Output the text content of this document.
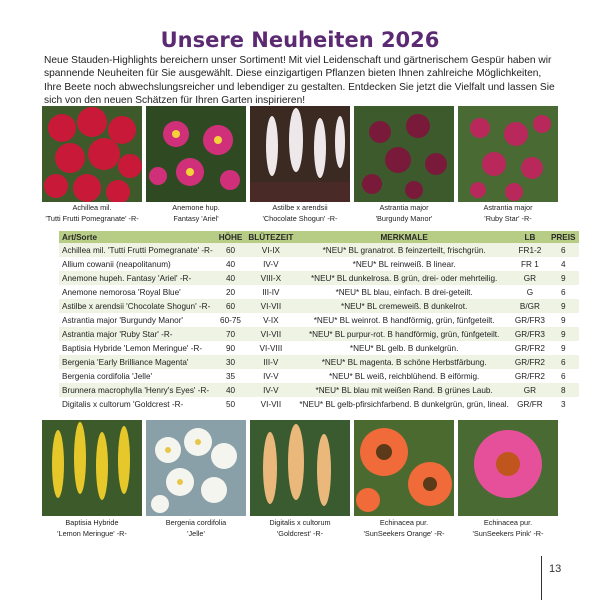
Unsere Neuheiten 2026
Neue Stauden-Highlights bereichern unser Sortiment! Mit viel Leidenschaft und gärtnerischem Gespür haben wir spannende Neuheiten für Sie ausgewählt. Diese einzigartigen Pflanzen bieten Ihnen zahlreiche Möglichkeiten, Ihre Beete noch abwechslungsreicher und lebendiger zu gestalten. Entdecken Sie jetzt die Vielfalt und lassen Sie sich von den neuen Schätzen für Ihren Garten inspirieren!
Achillea mil.
'Tutti Frutti Pomegranate' -R-
Anemone hup.
Fantasy 'Ariel'
Astilbe x arendsii
'Chocolate Shogun' -R-
Astrantia major
'Burgundy Manor'
Astrantia major
'Ruby Star' -R-
Art/Sorte	HÖHE	BLÜTEZEIT	MERKMALE	LB	PREIS
Achillea mil. 'Tutti Frutti Pomegranate' -R-	60	VI-IX	*NEU* BL granatrot. B feinzerteilt, frischgrün.	FR1-2	6
Allium cowanii (neapolitanum)	40	IV-V	*NEU* BL reinweiß. B linear.	FR 1	4
Anemone hupeh. Fantasy 'Ariel' -R-	40	VIII-X	*NEU* BL dunkelrosa. B grün, drei- oder mehrteilig.	GR	9
Anemone nemorosa 'Royal Blue'	20	III-IV	*NEU* BL blau, einfach. B drei-geteilt.	G	6
Astilbe x arendsii 'Chocolate Shogun' -R-	60	VI-VII	*NEU* BL cremeweiß. B dunkelrot.	B/GR	9
Astrantia major 'Burgundy Manor'	60-75	V-IX	*NEU* BL weinrot. B handförmig, grün, fünfgeteilt.	GR/FR3	9
Astrantia major 'Ruby Star' -R-	70	VI-VII	*NEU* BL purpur-rot. B handförmig, grün, fünfgeteilt.	GR/FR3	9
Baptisia Hybride 'Lemon Meringue' -R-	90	VI-VIII	*NEU* BL gelb. B dunkelgrün.	GR/FR2	9
Bergenia 'Early Brilliance Magenta'	30	III-V	*NEU* BL magenta. B schöne Herbstfärbung.	GR/FR2	6
Bergenia cordifolia 'Jelle'	35	IV-V	*NEU* BL weiß, reichblühend. B eiförmig.	GR/FR2	6
Brunnera macrophylla 'Henry's Eyes' -R-	40	IV-V	*NEU* BL blau mit weißen Rand. B grünes Laub.	GR	8
Digitalis x cultorum 'Goldcrest -R-	50	VI-VII	*NEU* BL gelb-pfirsichfarbend. B dunkelgrün, grün, lineal.	GR/FR	3
Baptisia Hybride
'Lemon Meringue' -R-
Bergenia cordifolia
'Jelle'
Digitalis x cultorum
'Goldcrest' -R-
Echinacea pur.
'SunSeekers Orange' -R-
Echinacea pur.
'SunSeekers Pink' -R-
13
